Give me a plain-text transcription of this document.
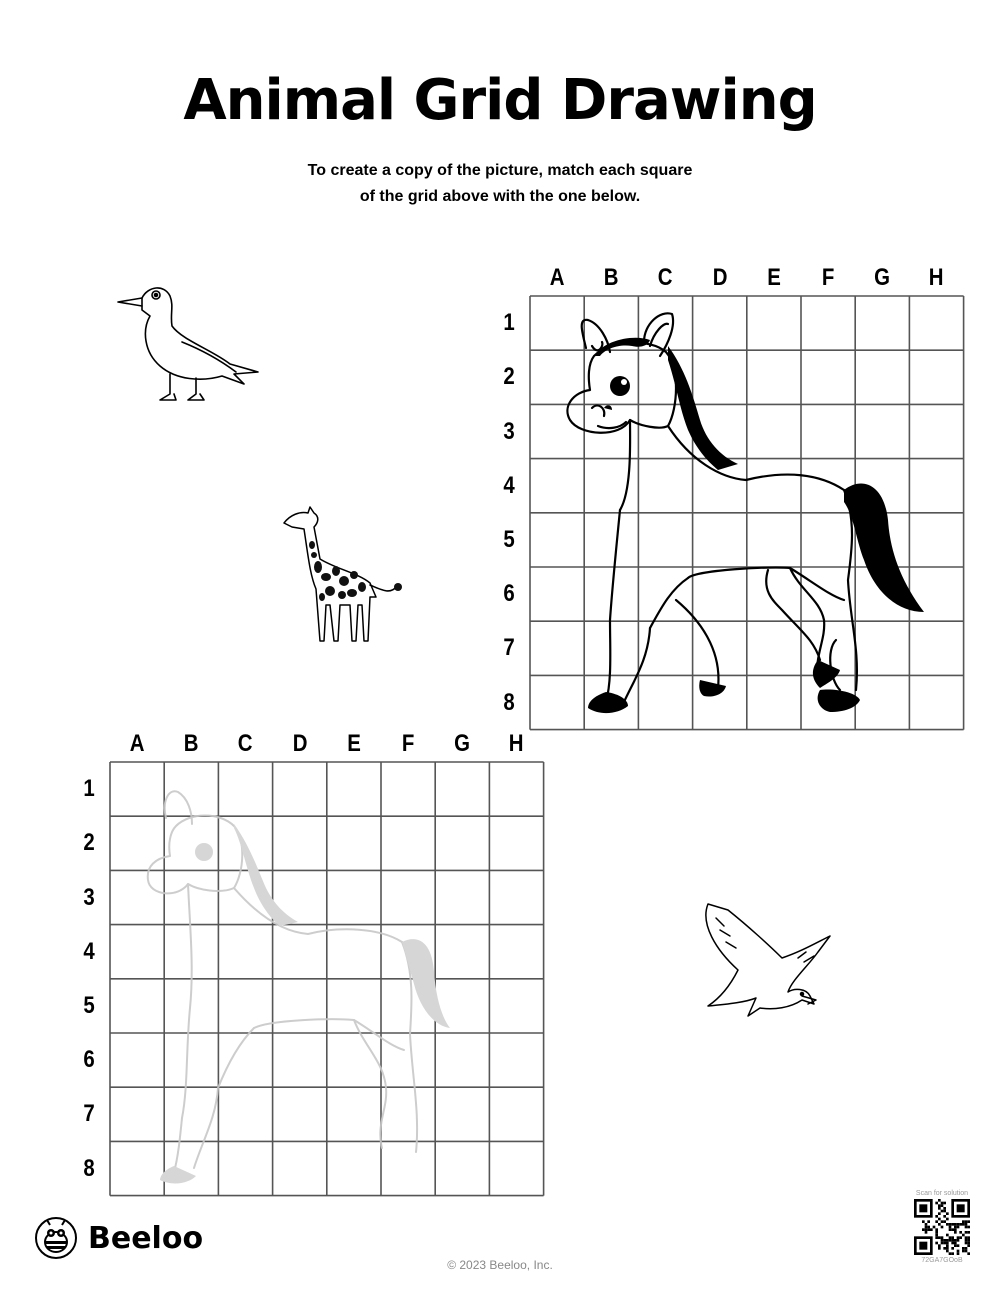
Animal Grid Drawing
To create a copy of the picture, match each square
of the grid above with the one below.
A	B	C	D	E	F	G	H
1
2
3
4
5
6
7
8
A	B	C	D	E	F	G	H
1
2
3
4
5
6
7
8
Beeloo
© 2023 Beeloo, Inc.
Scan for solution
72GA7GOoB
